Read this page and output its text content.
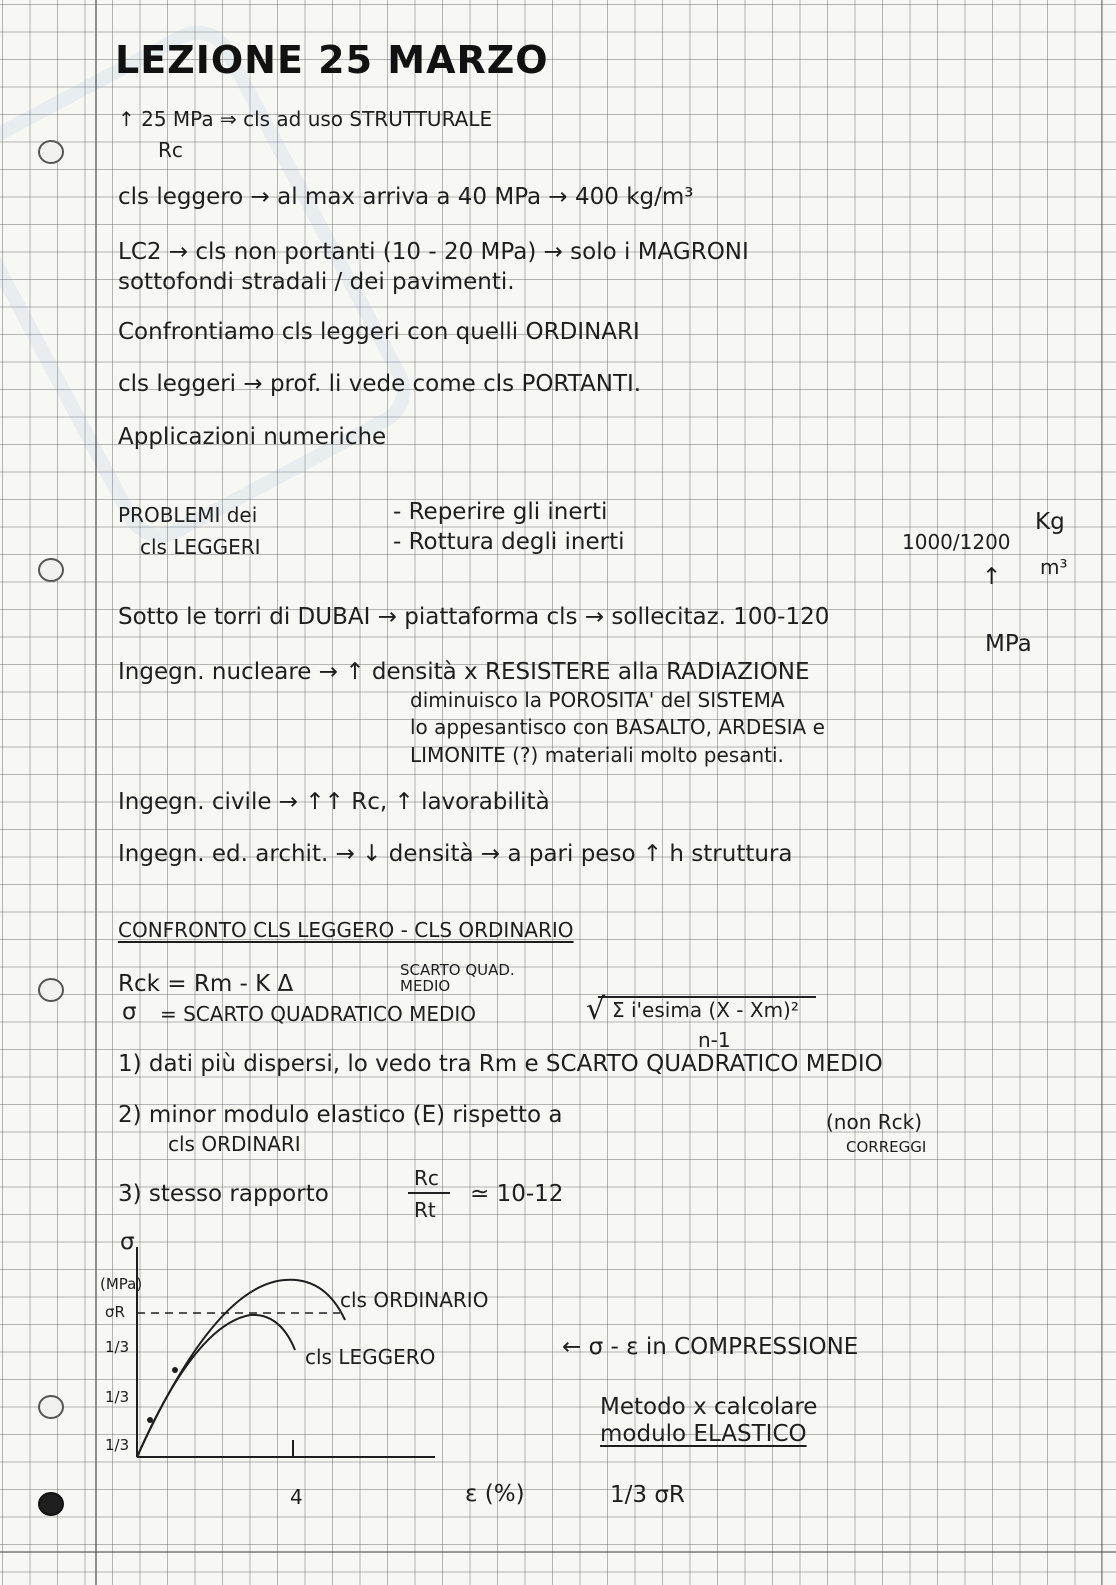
LEZIONE 25 MARZO
↑ 25 MPa ⇒ cls ad uso STRUTTURALE
Rc
cls leggero → al max arriva a 40 MPa → 400 kg/m³
LC2 → cls non portanti (10 - 20 MPa) → solo i MAGRONI
sottofondi stradali / dei pavimenti.
Confrontiamo cls leggeri con quelli ORDINARI
cls leggeri → prof. li vede come cls PORTANTI.
Applicazioni numeriche
PROBLEMI dei
cls LEGGERI
- Reperire gli inerti
- Rottura degli inerti	1000/1200
Kg
m³
↑
Sotto le torri di DUBAI → piattaforma cls → sollecitaz. 100-120
MPa
Ingegn. nucleare → ↑ densità x RESISTERE alla RADIAZIONE
diminuisco la POROSITA' del SISTEMA
lo appesantisco con BASALTO, ARDESIA e
LIMONITE (?) materiali molto pesanti.
Ingegn. civile → ↑↑ Rc, ↑ lavorabilità
Ingegn. ed. archit. → ↓ densità → a pari peso ↑ h struttura
CONFRONTO CLS LEGGERO - CLS ORDINARIO
Rck = Rm - K Δ
SCARTO QUAD. MEDIO
σ = SCARTO QUADRATICO MEDIO	√ Σ i'esima (X - Xm)²
n-1
1) dati più dispersi, lo vedo tra Rm e SCARTO QUADRATICO MEDIO
2) minor modulo elastico (E) rispetto a
cls ORDINARI
(non Rck)
CORREGGI
3) stesso rapporto
Rc
Rt
≃ 10-12
σ
(MPa)
σR
1/3
1/3
1/3
cls ORDINARIO
cls LEGGERO
4	ε (%)
← σ - ε in COMPRESSIONE
Metodo x calcolare
modulo ELASTICO
1/3 σR
